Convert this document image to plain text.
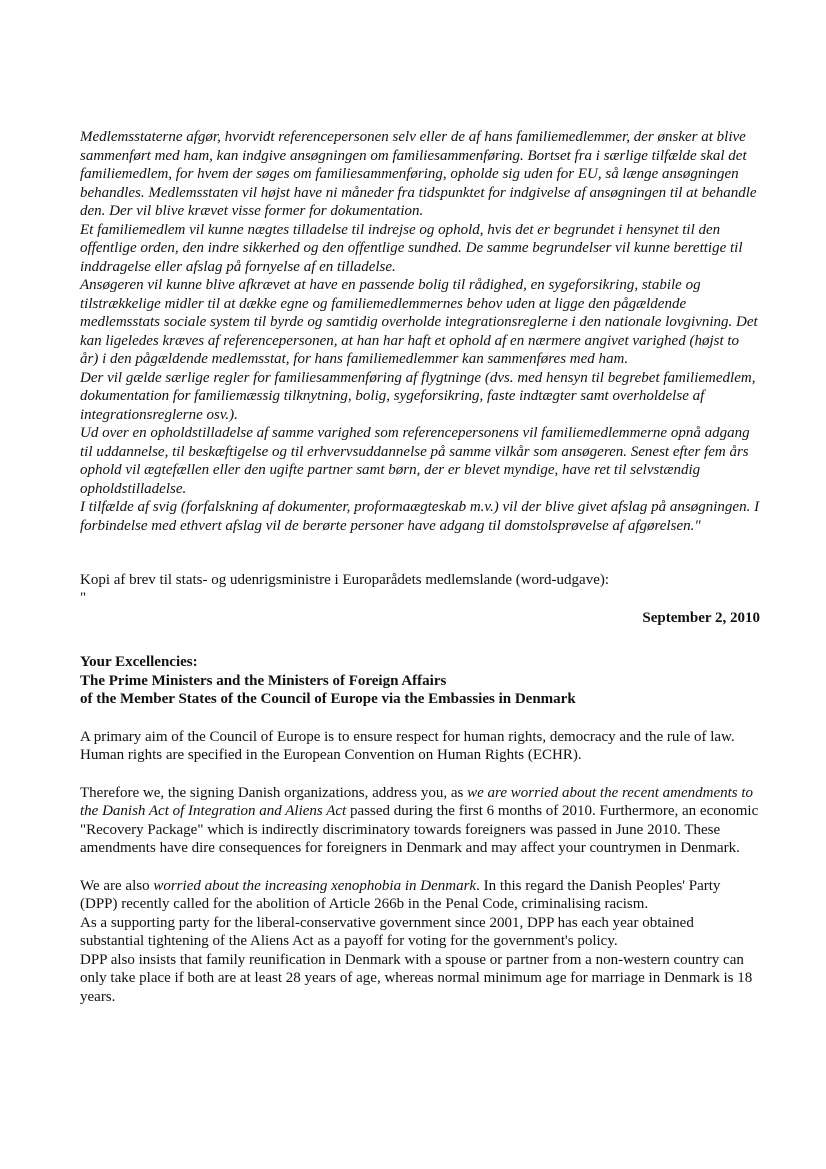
Medlemsstaterne afgør, hvorvidt referencepersonen selv eller de af hans familiemedlemmer, der ønsker at blive sammenført med ham, kan indgive ansøgningen om familiesammenføring. Bortset fra i særlige tilfælde skal det familiemedlem, for hvem der søges om familiesammenføring, opholde sig uden for EU, så længe ansøgningen behandles. Medlemsstaten vil højst have ni måneder fra tidspunktet for indgivelse af ansøgningen til at behandle den. Der vil blive krævet visse former for dokumentation.

Et familiemedlem vil kunne nægtes tilladelse til indrejse og ophold, hvis det er begrundet i hensynet til den offentlige orden, den indre sikkerhed og den offentlige sundhed. De samme begrundelser vil kunne berettige til inddragelse eller afslag på fornyelse af en tilladelse.

Ansøgeren vil kunne blive afkrævet at have en passende bolig til rådighed, en sygeforsikring, stabile og tilstrækkelige midler til at dække egne og familiemedlemmernes behov uden at ligge den pågældende medlemsstats sociale system til byrde og samtidig overholde integrationsreglerne i den nationale lovgivning. Det kan ligeledes kræves af referencepersonen, at han har haft et ophold af en nærmere angivet varighed (højst to år) i den pågældende medlemsstat, for hans familiemedlemmer kan sammenføres med ham.

Der vil gælde særlige regler for familiesammenføring af flygtninge (dvs. med hensyn til begrebet familiemedlem, dokumentation for familiemæssig tilknytning, bolig, sygeforsikring, faste indtægter samt overholdelse af integrationsreglerne osv.).

Ud over en opholdstilladelse af samme varighed som referencepersonens vil familiemedlemmerne opnå adgang til uddannelse, til beskæftigelse og til erhvervsuddannelse på samme vilkår som ansøgeren. Senest efter fem års ophold vil ægtefællen eller den ugifte partner samt børn, der er blevet myndige, have ret til selvstændig opholdstilladelse.

I tilfælde af svig (forfalskning af dokumenter, proformaægteskab m.v.) vil der blive givet afslag på ansøgningen. I forbindelse med ethvert afslag vil de berørte personer have adgang til domstolsprøvelse af afgørelsen."

Kopi af brev til stats- og udenrigsministre i Europarådets medlemslande (word-udgave):
"
September 2, 2010
Your Excellencies:
The Prime Ministers and the Ministers of Foreign Affairs
of the Member States of the Council of Europe via the Embassies in Denmark

A primary aim of the Council of Europe is to ensure respect for human rights, democracy and the rule of law. Human rights are specified in the European Convention on Human Rights (ECHR).

Therefore we, the signing Danish organizations, address you, as we are worried about the recent amendments to the Danish Act of Integration and Aliens Act passed during the first 6 months of 2010. Furthermore, an economic "Recovery Package" which is indirectly discriminatory towards foreigners was passed in June 2010. These amendments have dire consequences for foreigners in Denmark and may affect your countrymen in Denmark.

We are also worried about the increasing xenophobia in Denmark. In this regard the Danish Peoples' Party (DPP) recently called for the abolition of Article 266b in the Penal Code, criminalising racism.

As a supporting party for the liberal-conservative government since 2001, DPP has each year obtained substantial tightening of the Aliens Act as a payoff for voting for the government's policy.

DPP also insists that family reunification in Denmark with a spouse or partner from a non-western country can only take place if both are at least 28 years of age, whereas normal minimum age for marriage in Denmark is 18 years.
